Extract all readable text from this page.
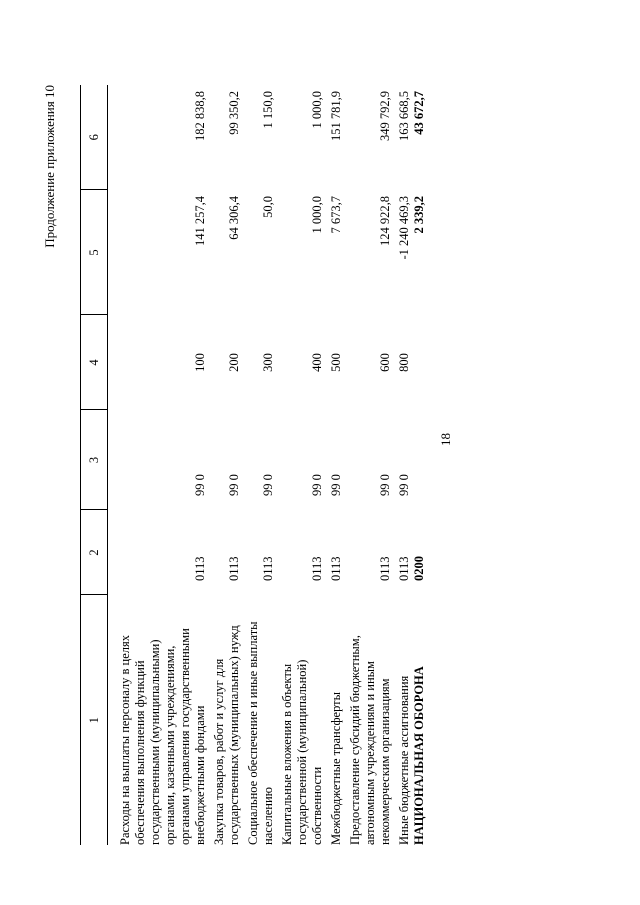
18
Продолжение приложения 10
1	2	3	4	5	6
Расходы на выплаты персоналу в целях обеспечения выполнения функций государственными (муниципальными) органами, казенными учреждениями, органами управления государственными внебюджетными фондами	0113	99 0	100	141 257,4	182 838,8
Закупка товаров, работ и услуг для государственных (муниципальных) нужд	0113	99 0	200	64 306,4	99 350,2
Социальное обеспечение и иные выплаты населению	0113	99 0	300	50,0	1 150,0
Капитальные вложения в объекты государственной (муниципальной) собственности	0113	99 0	400	1 000,0	1 000,0
Межбюджетные трансферты	0113	99 0	500	7 673,7	151 781,9
Предоставление субсидий бюджетным, автономным учреждениям и иным некоммерческим организациям	0113	99 0	600	124 922,8	349 792,9
Иные бюджетные ассигнования	0113	99 0	800	-1 240 469,3	163 668,5
НАЦИОНАЛЬНАЯ ОБОРОНА	0200			2 339,2	43 672,7
